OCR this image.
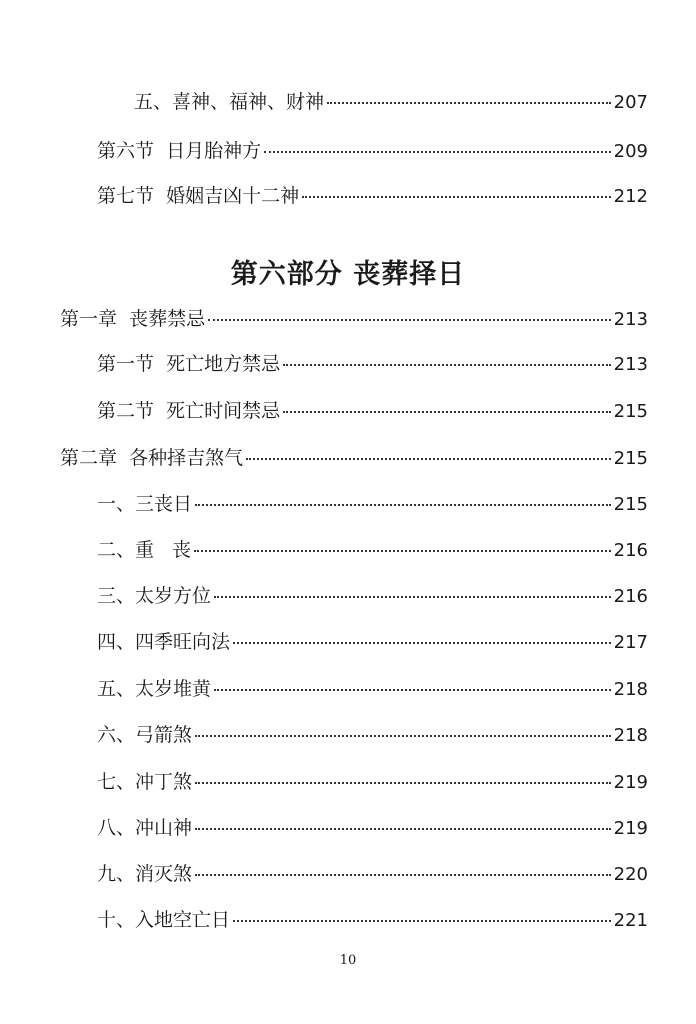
五、喜神、福神、财神	207
第六节  日月胎神方	209
第七节  婚姻吉凶十二神	212
第六部分 丧葬择日
第一章  丧葬禁忌	213
第一节  死亡地方禁忌	213
第二节  死亡时间禁忌	215
第二章  各种择吉煞气	215
一、三丧日	215
二、重   丧	216
三、太岁方位	216
四、四季旺向法	217
五、太岁堆黄	218
六、弓箭煞	218
七、冲丁煞	219
八、冲山神	219
九、消灭煞	220
十、入地空亡日	221
10
